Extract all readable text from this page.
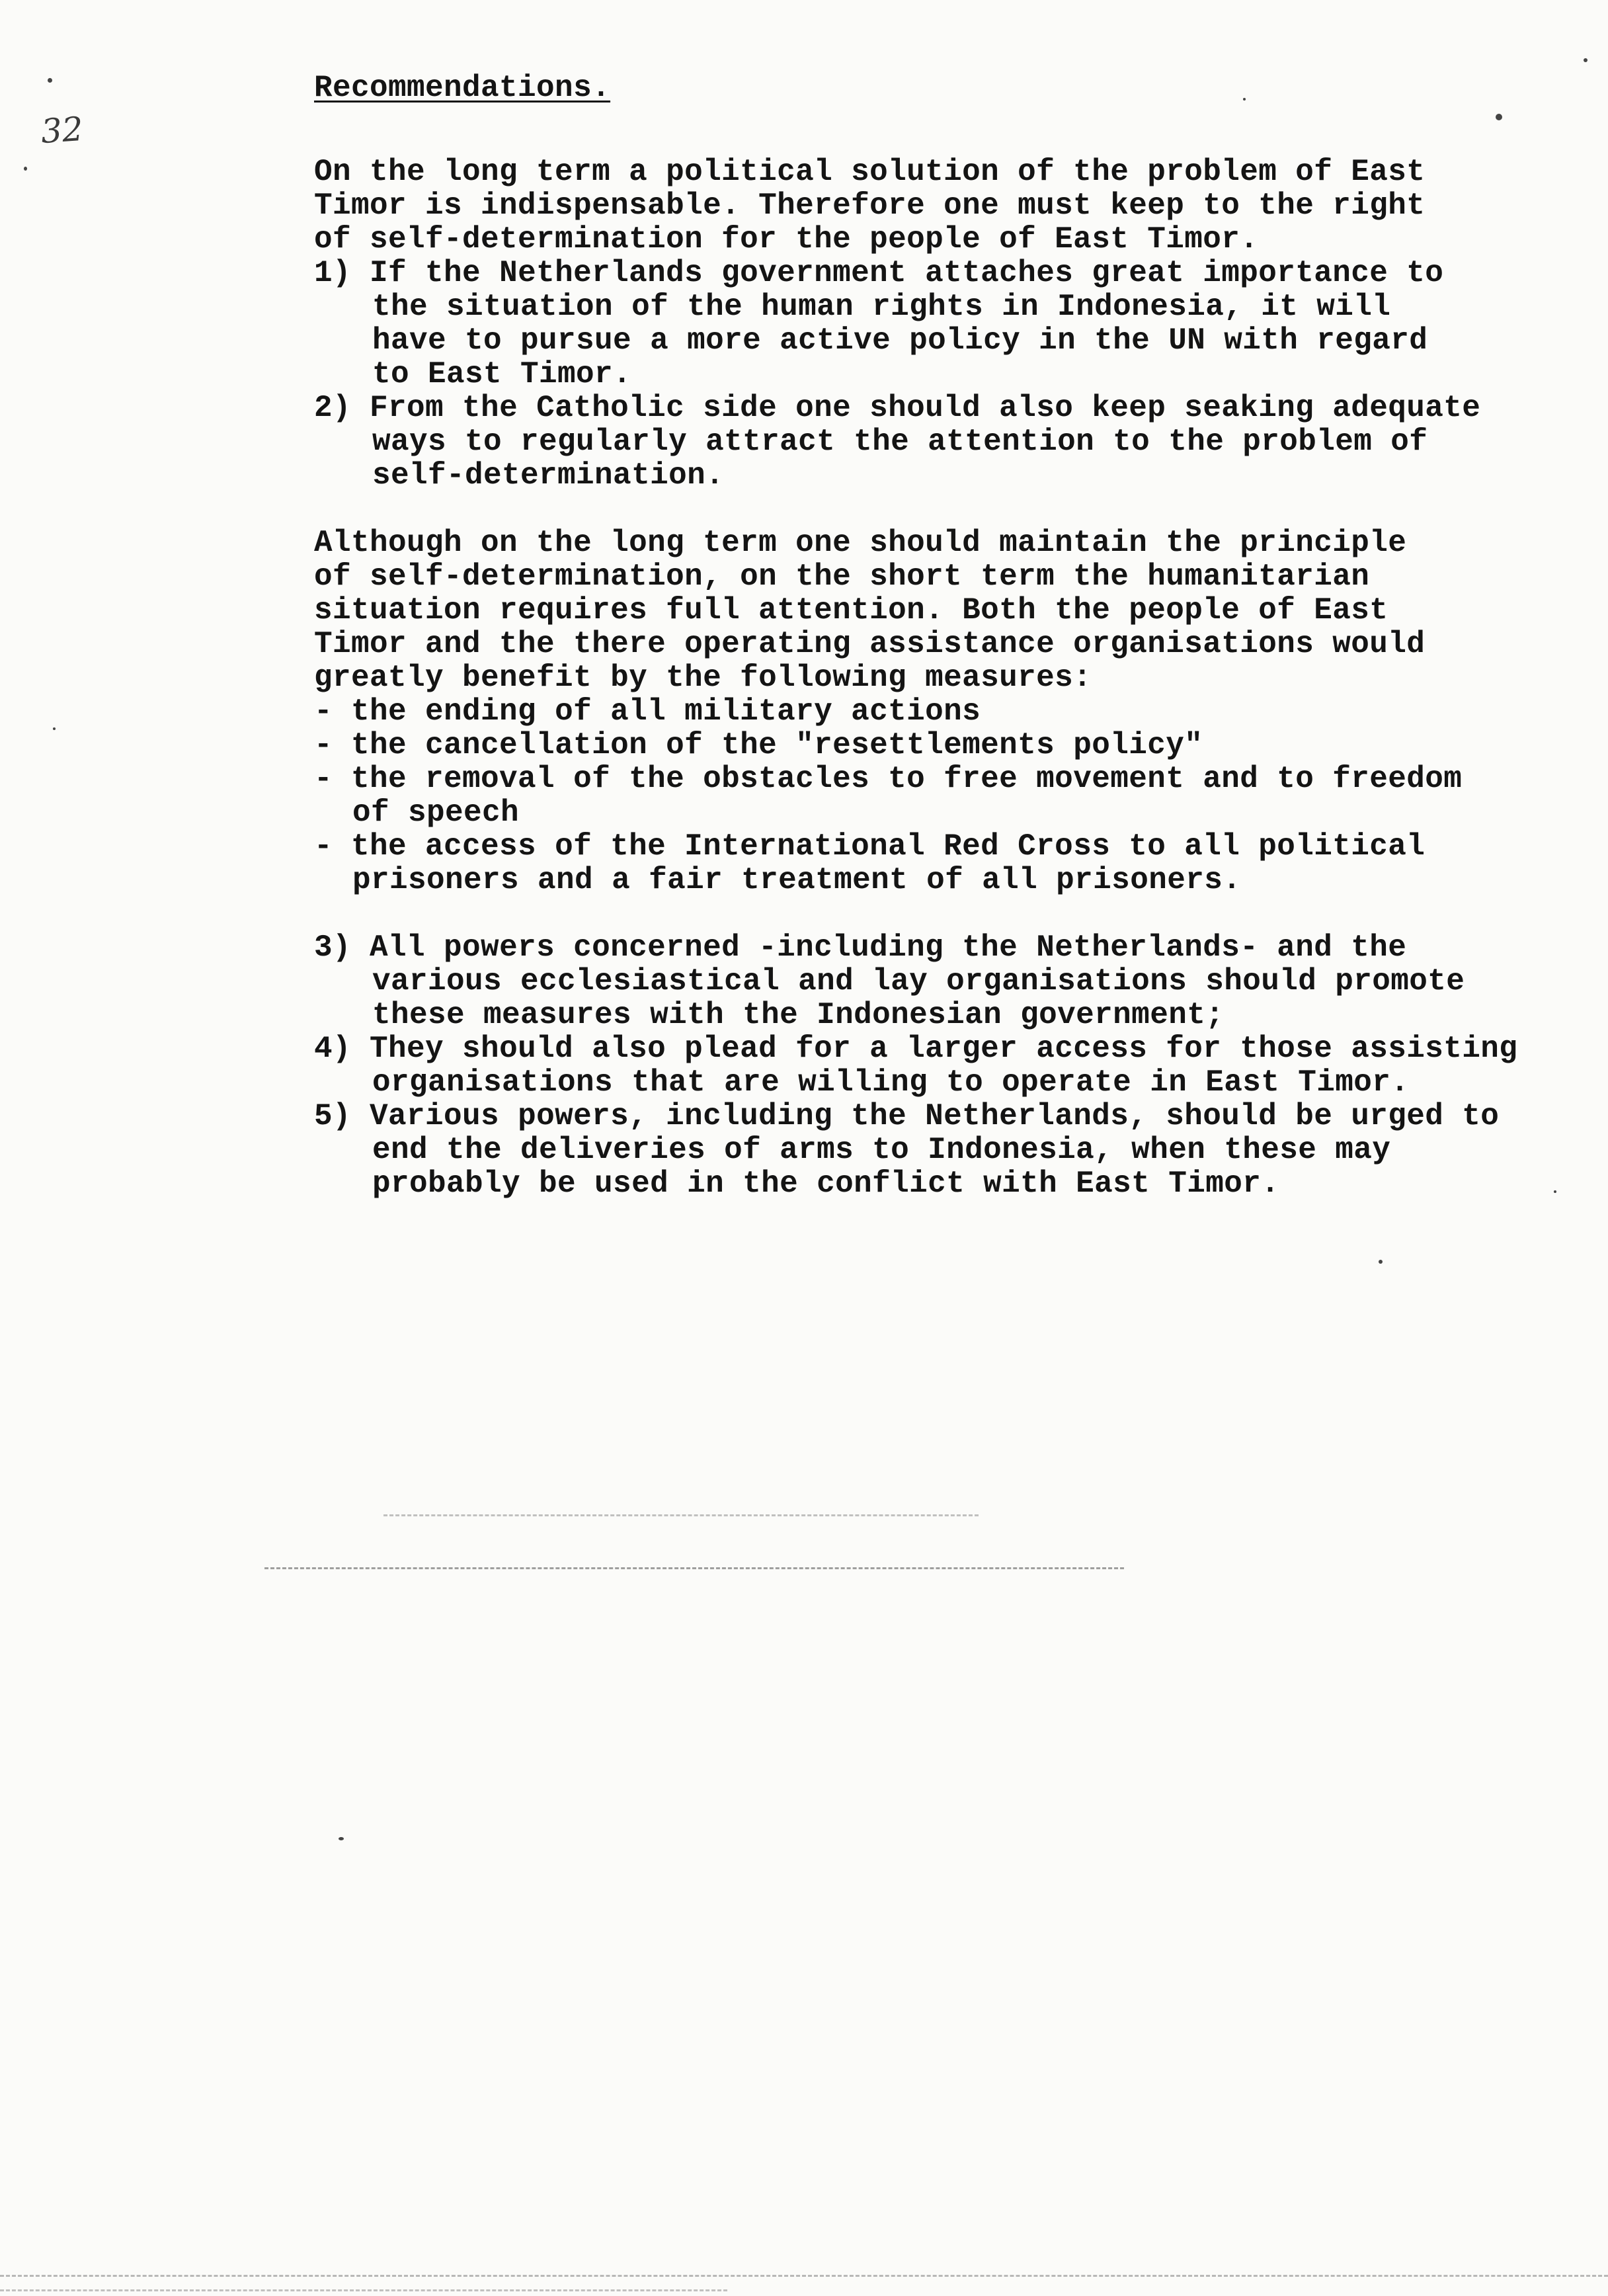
32
Recommendations.
On the long term a political solution of the problem of East
Timor is indispensable. Therefore one must keep to the right
of self-determination for the people of East Timor.
1) If the Netherlands government attaches great importance to
the situation of the human rights in Indonesia, it will
have to pursue a more active policy in the UN with regard
to East Timor.
2) From the Catholic side one should also keep seaking adequate
ways to regularly attract the attention to the problem of
self-determination.
Although on the long term one should maintain the principle
of self-determination, on the short term the humanitarian
situation requires full attention. Both the people of East
Timor and the there operating assistance organisations would
greatly benefit by the following measures:
- the ending of all military actions
- the cancellation of the "resettlements policy"
- the removal of the obstacles to free movement and to freedom
of speech
- the access of the International Red Cross to all political
prisoners and a fair treatment of all prisoners.
3) All powers concerned -including the Netherlands- and the
various ecclesiastical and lay organisations should promote
these measures with the Indonesian government;
4) They should also plead for a larger access for those assisting
organisations that are willing to operate in East Timor.
5) Various powers, including the Netherlands, should be urged to
end the deliveries of arms to Indonesia, when these may
probably be used in the conflict with East Timor.
